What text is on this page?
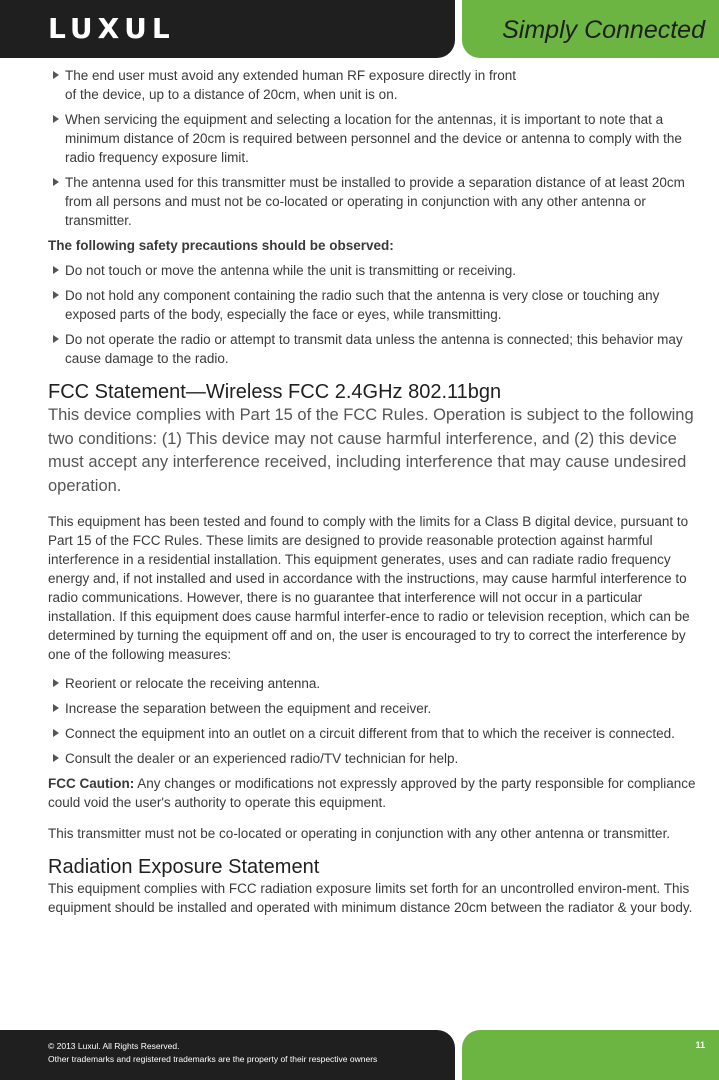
LUXUL	Simply Connected
The end user must avoid any extended human RF exposure directly in front
of the device, up to a distance of 20cm, when unit is on.
When servicing the equipment and selecting a location for the antennas, it is important to note that a minimum distance of 20cm is required between personnel and the device or antenna to comply with the radio frequency exposure limit.
The antenna used for this transmitter must be installed to provide a separation distance of at least 20cm from all persons and must not be co-located or operating in conjunction with any other antenna or transmitter.
The following safety precautions should be observed:
Do not touch or move the antenna while the unit is transmitting or receiving.
Do not hold any component containing the radio such that the antenna is very close or touching any exposed parts of the body, especially the face or eyes, while transmitting.
Do not operate the radio or attempt to transmit data unless the antenna is connected; this behavior may cause damage to the radio.
FCC Statement—Wireless FCC 2.4GHz 802.11bgn

This device complies with Part 15 of the FCC Rules. Operation is subject to the following two conditions: (1) This device may not cause harmful interference, and (2) this device must accept any interference received, including interference that may cause undesired operation.

This equipment has been tested and found to comply with the limits for a Class B digital device, pursuant to Part 15 of the FCC Rules. These limits are designed to provide reasonable protection against harmful interference in a residential installation. This equipment generates, uses and can radiate radio frequency energy and, if not installed and used in accordance with the instructions, may cause harmful interference to radio communications. However, there is no guarantee that interference will not occur in a particular installation. If this equipment does cause harmful interfer-ence to radio or television reception, which can be determined by turning the equipment off and on, the user is encouraged to try to correct the interference by one of the following measures:

Reorient or relocate the receiving antenna.
Increase the separation between the equipment and receiver.
Connect the equipment into an outlet on a circuit different from that to which the receiver is connected.
Consult the dealer or an experienced radio/TV technician for help.

FCC Caution: Any changes or modifications not expressly approved by the party responsible for compliance could void the user's authority to operate this equipment.

This transmitter must not be co-located or operating in conjunction with any other antenna or transmitter.

Radiation Exposure Statement

This equipment complies with FCC radiation exposure limits set forth for an uncontrolled environ-ment. This equipment should be installed and operated with minimum distance 20cm between the radiator & your body.

© 2013 Luxul. All Rights Reserved.
Other trademarks and registered trademarks are the property of their respective owners
11
